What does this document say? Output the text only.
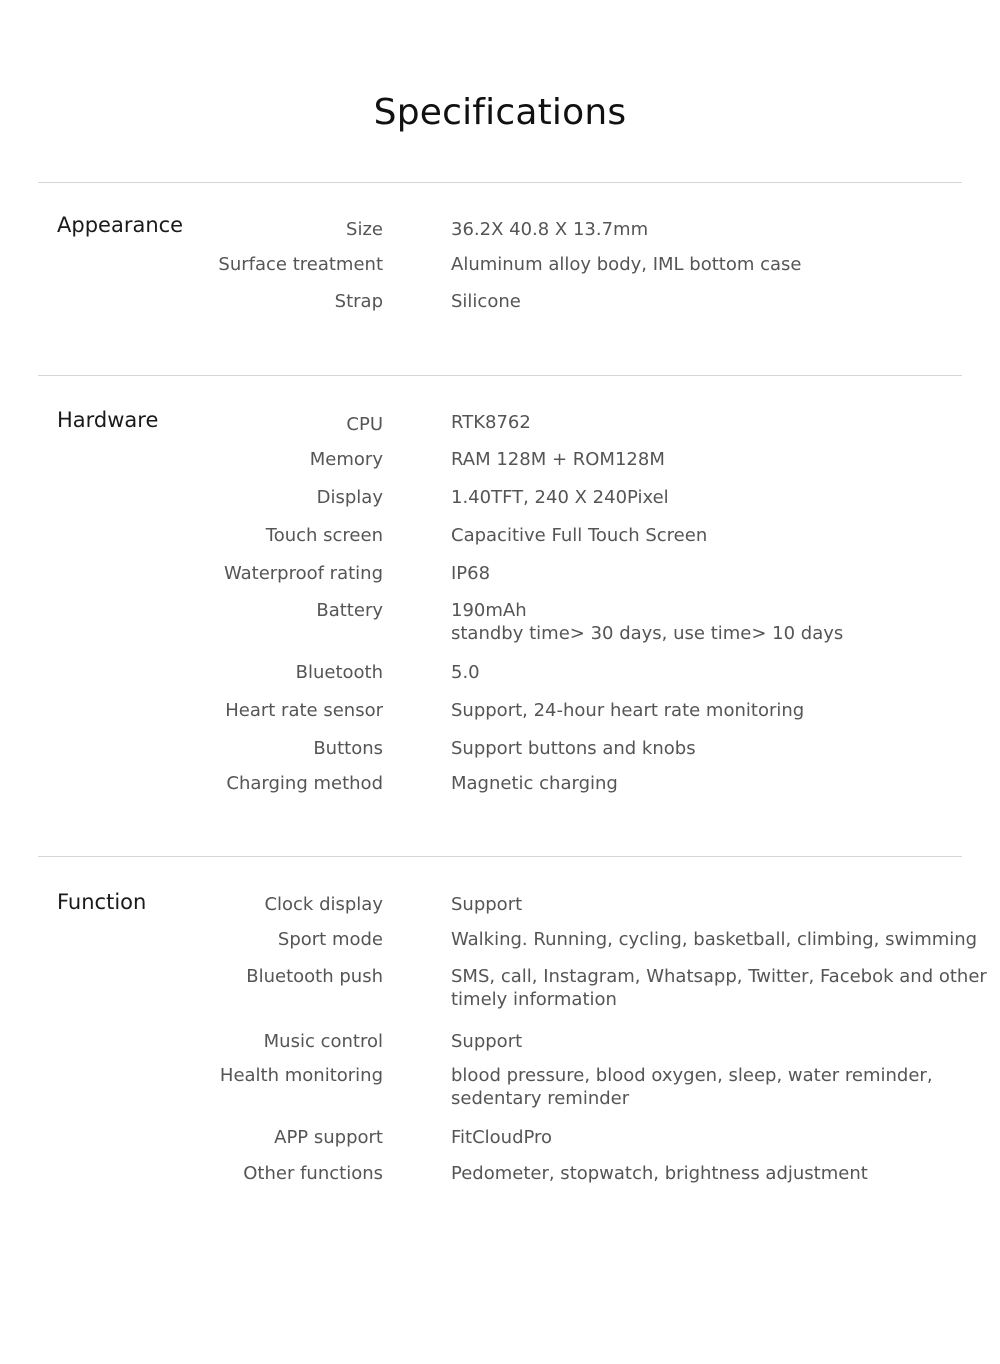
Specifications
Appearance	Size	36.2X 40.8 X 13.7mm
Surface treatment	Aluminum alloy body, IML bottom case
Strap	Silicone
Hardware	CPU	RTK8762
Memory	RAM 128M + ROM128M
Display	1.40TFT, 240 X 240Pixel
Touch screen	Capacitive Full Touch Screen
Waterproof rating	IP68
Battery	190mAh
standby time> 30 days, use time> 10 days
Bluetooth	5.0
Heart rate sensor	Support, 24-hour heart rate monitoring
Buttons	Support buttons and knobs
Charging method	Magnetic charging
Function	Clock display	Support
Sport mode	Walking. Running, cycling, basketball, climbing, swimming
Bluetooth push	SMS, call, Instagram, Whatsapp, Twitter, Facebok and other
timely information
Music control	Support
Health monitoring	blood pressure, blood oxygen, sleep, water reminder,
sedentary reminder
APP support	FitCloudPro
Other functions	Pedometer, stopwatch, brightness adjustment
